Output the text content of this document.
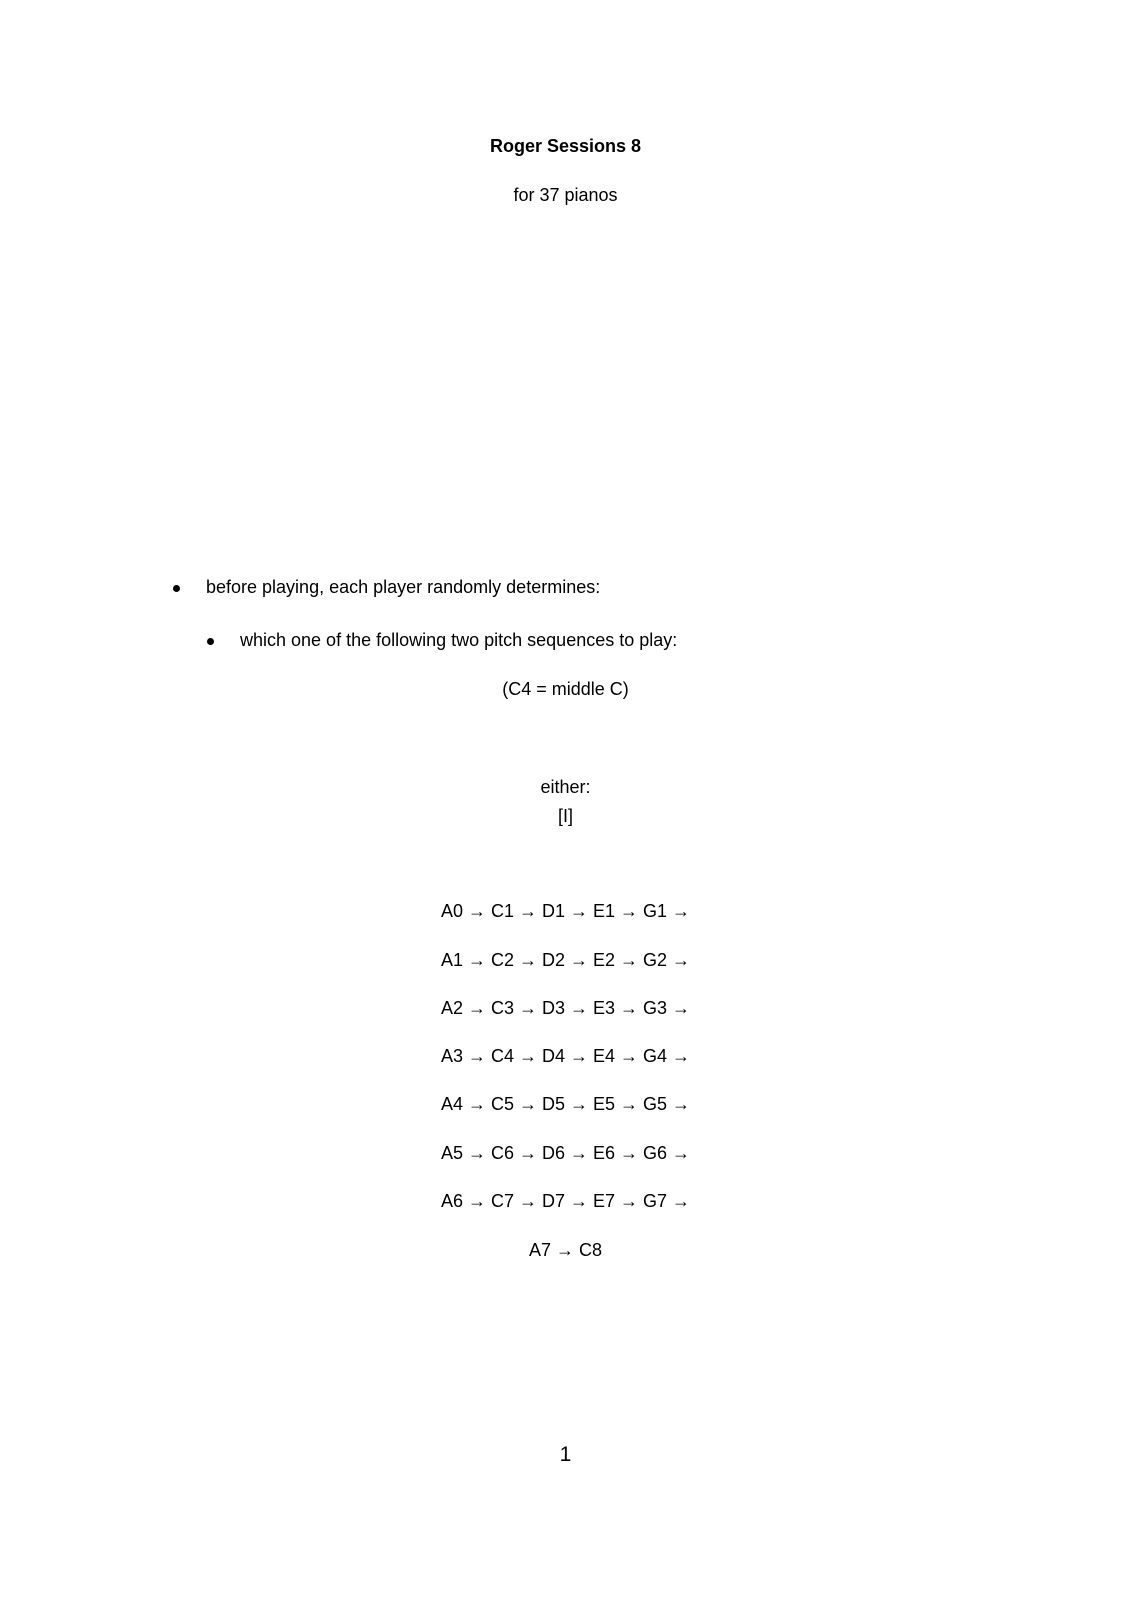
Roger Sessions 8
for 37 pianos
before playing, each player randomly determines:
which one of the following two pitch sequences to play:
(C4 = middle C)
either:
[I]
A0 → C1 → D1 → E1 → G1 →
A1 → C2 → D2 → E2 → G2 →
A2 → C3 → D3 → E3 → G3 →
A3 → C4 → D4 → E4 → G4 →
A4 → C5 → D5 → E5 → G5 →
A5 → C6 → D6 → E6 → G6 →
A6 → C7 → D7 → E7 → G7 →
A7 → C8
1
